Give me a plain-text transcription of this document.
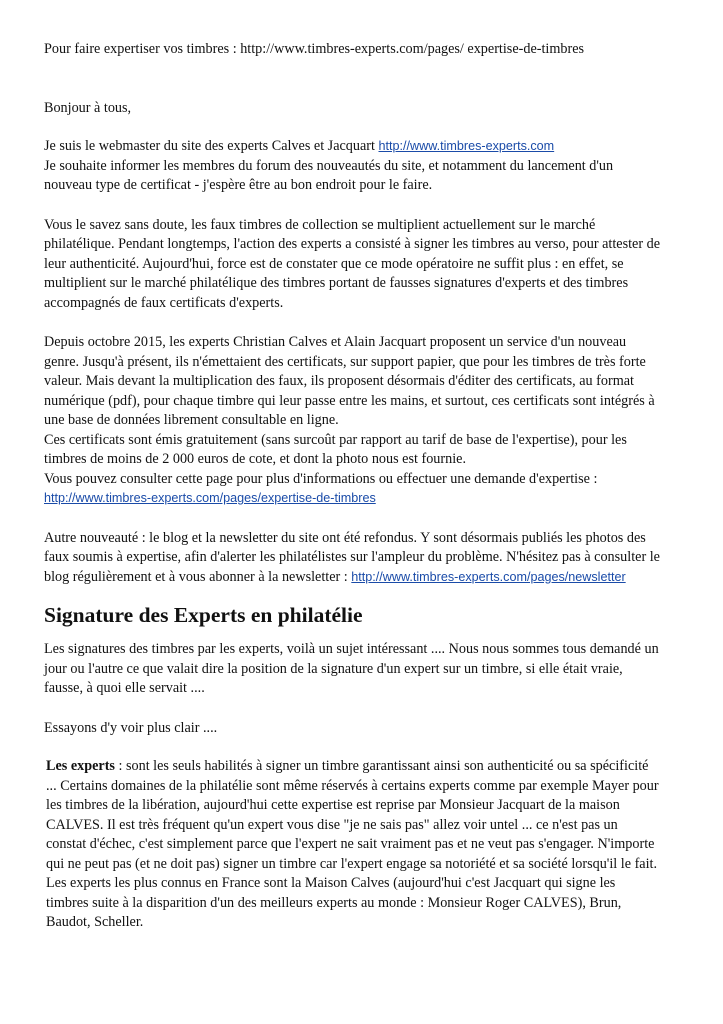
Pour faire expertiser vos timbres : http://www.timbres-experts.com/pages/ expertise-de-timbres
Bonjour à tous,
Je suis le webmaster du site des experts Calves et Jacquart http://www.timbres-experts.com
Je souhaite informer les membres du forum des nouveautés du site, et notamment du lancement d'un
nouveau type de certificat - j'espère être au bon endroit pour le faire.
Vous le savez sans doute, les faux timbres de collection se multiplient actuellement sur le marché
philatélique. Pendant longtemps, l'action des experts a consisté à signer les timbres au verso, pour attester de
leur authenticité. Aujourd'hui, force est de constater que ce mode opératoire ne suffit plus : en effet, se
multiplient sur le marché philatélique des timbres portant de fausses signatures d'experts et des timbres
accompagnés de faux certificats d'experts.
Depuis octobre 2015, les experts Christian Calves et Alain Jacquart proposent un service d'un nouveau
genre. Jusqu'à présent, ils n'émettaient des certificats, sur support papier, que pour les timbres de très forte
valeur. Mais devant la multiplication des faux, ils proposent désormais d'éditer des certificats, au format
numérique (pdf), pour chaque timbre qui leur passe entre les mains, et surtout, ces certificats sont intégrés à
une base de données librement consultable en ligne.
Ces certificats sont émis gratuitement (sans surcoût par rapport au tarif de base de l'expertise), pour les
timbres de moins de 2 000 euros de cote, et dont la photo nous est fournie.
Vous pouvez consulter cette page pour plus d'informations ou effectuer une demande d'expertise :
http://www.timbres-experts.com/pages/expertise-de-timbres
Autre nouveauté : le blog et la newsletter du site ont été refondus. Y sont désormais publiés les photos des
faux soumis à expertise, afin d'alerter les philatélistes sur l'ampleur du problème. N'hésitez pas à consulter le
blog régulièrement et à vous abonner à la newsletter : http://www.timbres-experts.com/pages/newsletter
Signature des Experts en philatélie
Les signatures des timbres par les experts, voilà un sujet intéressant .... Nous nous sommes tous demandé un
jour ou l'autre ce que valait dire la position de la signature d'un expert sur un timbre, si elle était vraie,
fausse, à quoi elle servait ....
Essayons d'y voir plus clair ....
Les experts : sont les seuls habilités à signer un timbre garantissant ainsi son authenticité ou sa spécificité
... Certains domaines de la philatélie sont même réservés à certains experts comme par exemple Mayer pour
les timbres de la libération, aujourd'hui cette expertise est reprise par Monsieur Jacquart de la maison
CALVES. Il est très fréquent qu'un expert vous dise "je ne sais pas" allez voir untel ... ce n'est pas un
constat d'échec, c'est simplement parce que l'expert ne sait vraiment pas et ne veut pas s'engager. N'importe
qui ne peut pas (et ne doit pas) signer un timbre car l'expert engage sa notoriété et sa société lorsqu'il le fait.
Les experts les plus connus en France sont la Maison Calves (aujourd'hui c'est Jacquart qui signe les
timbres suite à la disparition d'un des meilleurs experts au monde : Monsieur Roger CALVES), Brun,
Baudot, Scheller.
